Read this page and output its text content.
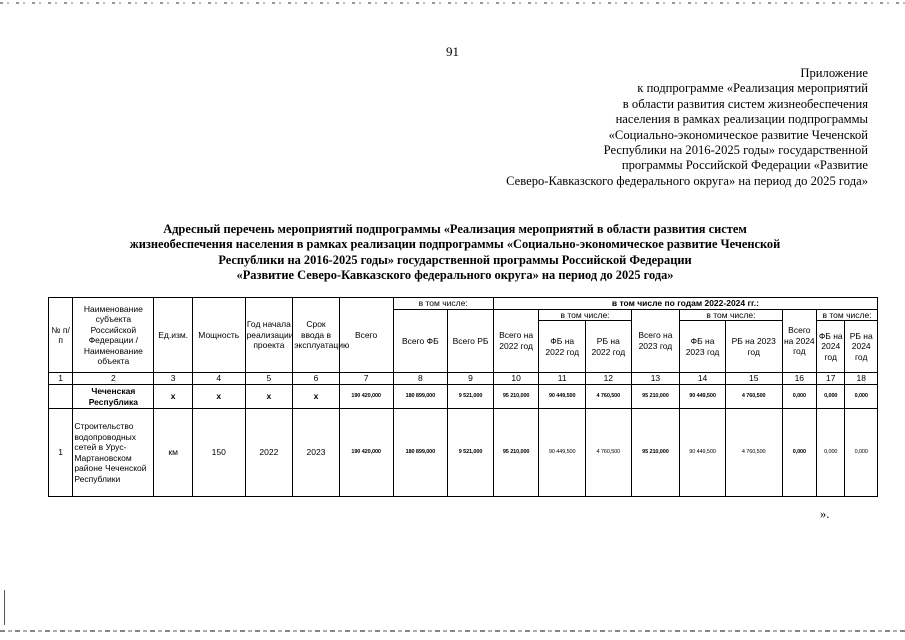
91
Приложение
к подпрограмме «Реализация мероприятий
в области развития систем жизнеобеспечения
населения в рамках реализации подпрограммы
«Социально-экономическое развитие Чеченской
Республики на 2016-2025 годы» государственной
программы Российской Федерации «Развитие
Северо-Кавказского федерального округа» на период до 2025 года»
Адресный перечень мероприятий подпрограммы «Реализация мероприятий в области развития систем
жизнеобеспечения населения в рамках реализации подпрограммы «Социально-экономическое развитие Чеченской
Республики на 2016-2025 годы» государственной программы Российской Федерации
«Развитие Северо-Кавказского федерального округа» на период до 2025 года»
№ п/п	Наименование субъекта Российской Федерации / Наименование объекта	Ед.изм.	Мощность	Год начала реализации проекта	Срок ввода в эксплуатацию	Всего	в том числе:		в том числе по годам 2022-2024 гг.:								
							Всего ФБ	Всего РБ	Всего на 2022 год	в том числе:		Всего на 2023 год	в том числе:		Всего на 2024 год	в том числе:	
										ФБ на 2022 год	РБ на 2022 год		ФБ на 2023 год	РБ на 2023 год		ФБ на 2024 год	РБ на 2024 год

1	2	3	4	5	6	7	8	9	10	11	12	13	14	15	16	17	18
	Чеченская Республика	х	х	х	х	190 420,000	180 899,000	9 521,000	95 210,000	90 449,500	4 760,500	95 210,000	90 449,500	4 760,500	0,000	0,000	0,000
1	Строительство водопроводных сетей в Урус-Мартановском районе Чеченской Республики	км	150	2022	2023	190 420,000	180 899,000	9 521,000	95 210,000	90 449,500	4 760,500	95 210,000	90 449,500	4 760,500	0,000	0,000	0,000
».
